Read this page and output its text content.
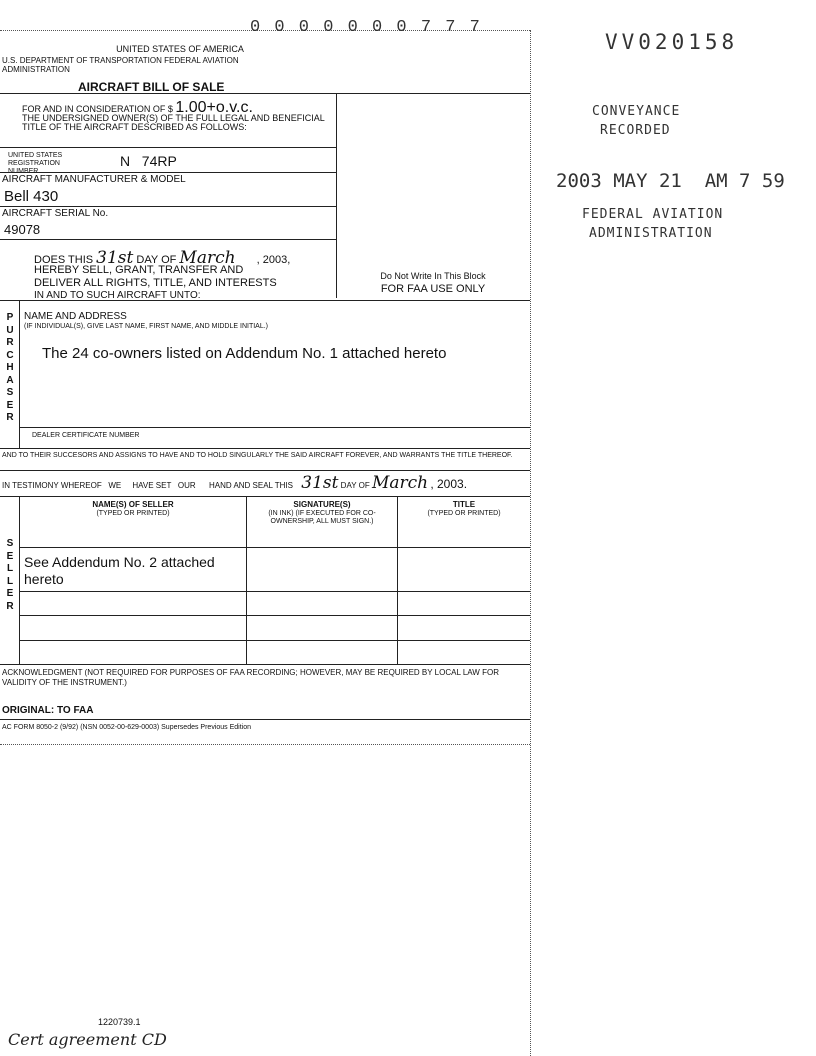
0 0 0 0 0 0 0 7 7 7
VV020158
CONVEYANCE
RECORDED
2003 MAY 21  AM 7 59
FEDERAL AVIATION
ADMINISTRATION
UNITED STATES OF AMERICA
U.S. DEPARTMENT OF TRANSPORTATION FEDERAL AVIATION ADMINISTRATION
AIRCRAFT BILL OF SALE
FOR AND IN CONSIDERATION OF $ 1.00+o.v.c.
THE UNDERSIGNED OWNER(S) OF THE FULL LEGAL AND BENEFICIAL TITLE OF THE AIRCRAFT DESCRIBED AS FOLLOWS:
UNITED STATES REGISTRATION NUMBER
N   74RP
AIRCRAFT MANUFACTURER & MODEL
Bell 430
AIRCRAFT SERIAL No.
49078
DOES THIS 31st DAY OF March , 2003,
HEREBY SELL, GRANT, TRANSFER AND
DELIVER ALL RIGHTS, TITLE, AND INTERESTS
IN AND TO SUCH AIRCRAFT UNTO:
Do Not Write In This Block
FOR FAA USE ONLY
P
U
R
C
H
A
S
E
R
NAME AND ADDRESS
(IF INDIVIDUAL(S), GIVE LAST NAME, FIRST NAME, AND MIDDLE INITIAL.)
The 24 co-owners listed on Addendum No. 1 attached hereto
DEALER CERTIFICATE NUMBER
AND TO THEIR SUCCESORS AND ASSIGNS TO HAVE AND TO HOLD SINGULARLY THE SAID AIRCRAFT FOREVER, AND WARRANTS THE TITLE THEREOF.
IN TESTIMONY WHEREOF   WE     HAVE SET   OUR      HAND AND SEAL THIS 31st DAY OF March , 2003.
S
E
L
L
E
R
NAME(S) OF SELLER
(TYPED OR PRINTED)
SIGNATURE(S)
(IN INK) (IF EXECUTED FOR CO-OWNERSHIP, ALL MUST SIGN.)
TITLE
(TYPED OR PRINTED)
See Addendum No. 2 attached hereto
ACKNOWLEDGMENT (NOT REQUIRED FOR PURPOSES OF FAA RECORDING; HOWEVER, MAY BE REQUIRED BY LOCAL LAW FOR VALIDITY OF THE INSTRUMENT.)
ORIGINAL: TO FAA
AC FORM 8050-2 (9/92) (NSN 0052-00-629-0003) Supersedes Previous Edition
1220739.1
Cert agreement CD
